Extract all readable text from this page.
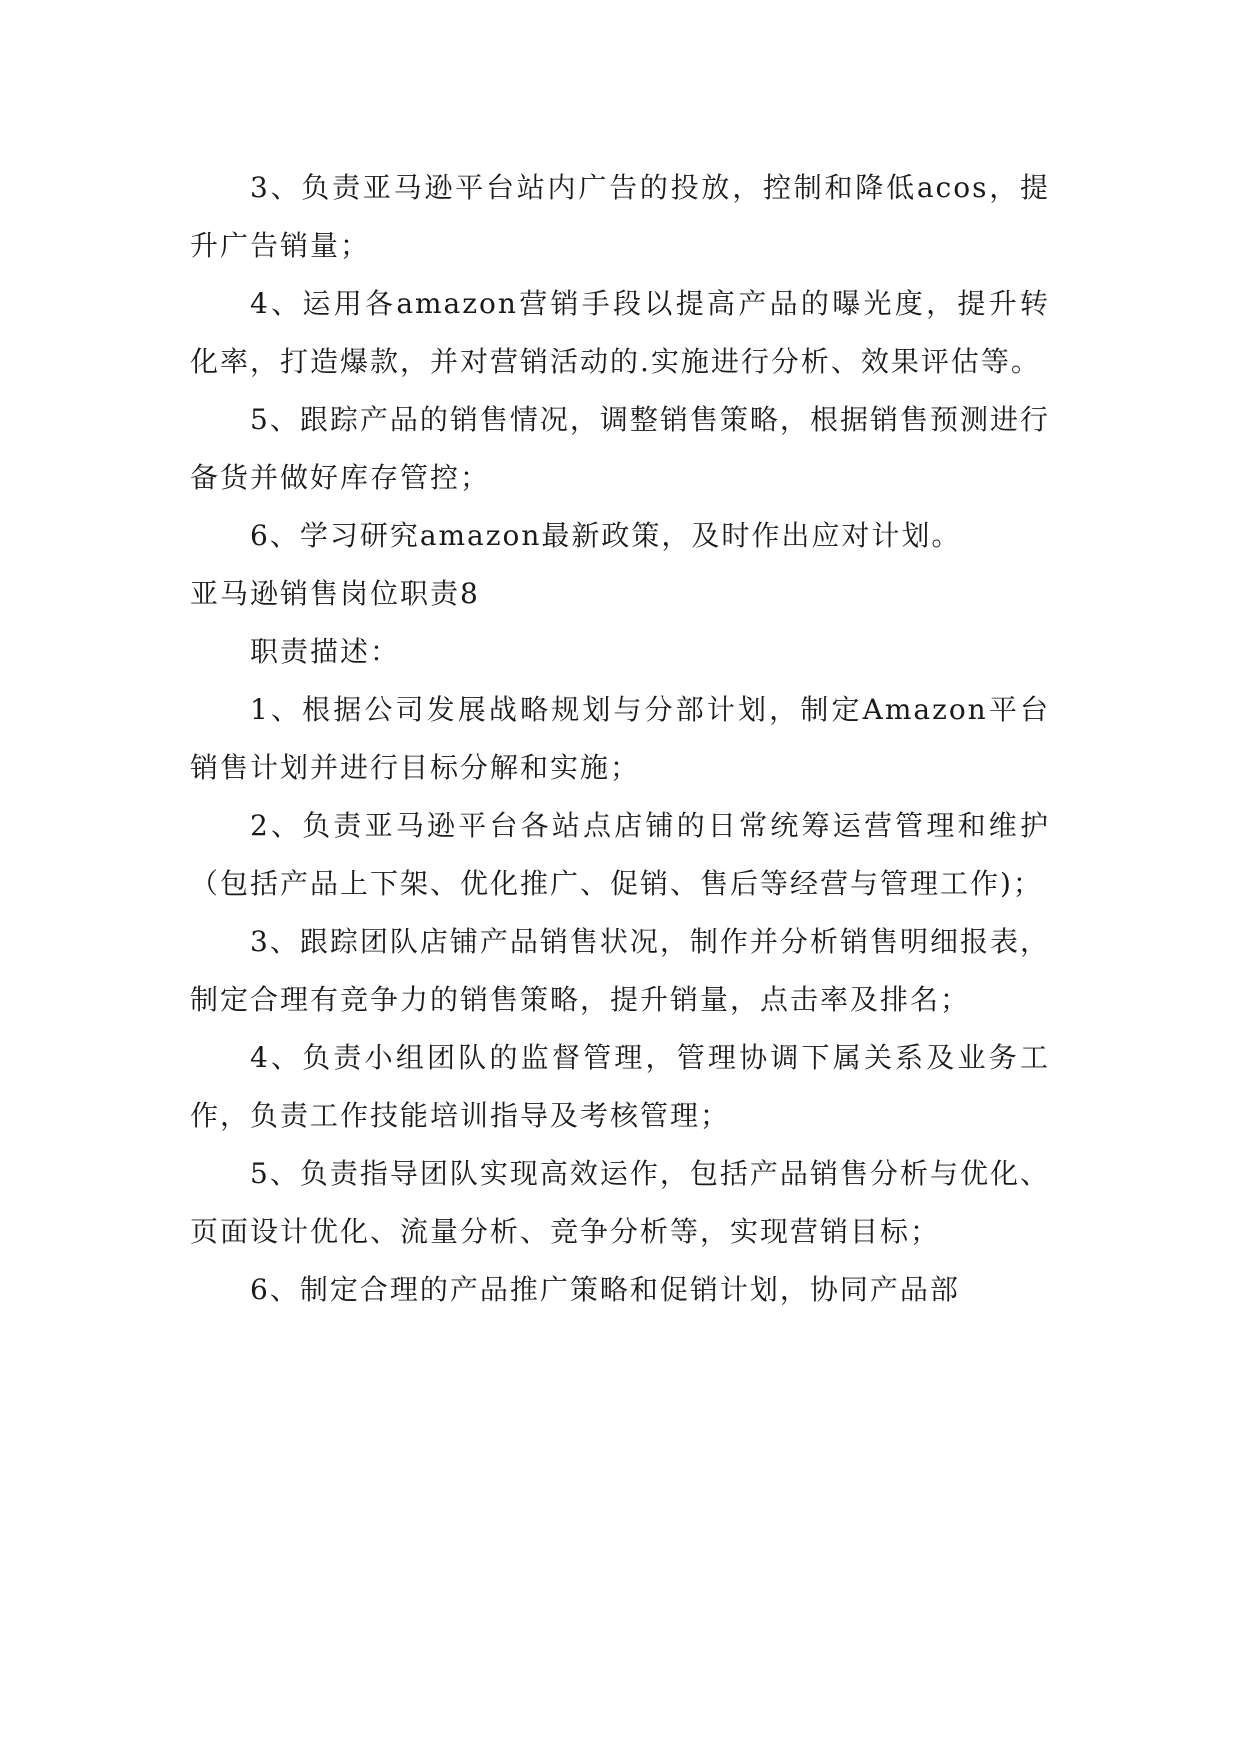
3、负责亚马逊平台站内广告的投放，控制和降低acos，提升广告销量；

4、运用各amazon营销手段以提高产品的曝光度，提升转化率，打造爆款，并对营销活动的.实施进行分析、效果评估等。

5、跟踪产品的销售情况，调整销售策略，根据销售预测进行备货并做好库存管控；

6、学习研究amazon最新政策，及时作出应对计划。

亚马逊销售岗位职责8

职责描述：

1、根据公司发展战略规划与分部计划，制定Amazon平台销售计划并进行目标分解和实施；

2、负责亚马逊平台各站点店铺的日常统筹运营管理和维护（包括产品上下架、优化推广、促销、售后等经营与管理工作)；

3、跟踪团队店铺产品销售状况，制作并分析销售明细报表，制定合理有竞争力的销售策略，提升销量，点击率及排名；

4、负责小组团队的监督管理，管理协调下属关系及业务工作，负责工作技能培训指导及考核管理；

5、负责指导团队实现高效运作，包括产品销售分析与优化、页面设计优化、流量分析、竞争分析等，实现营销目标；

6、制定合理的产品推广策略和促销计划，协同产品部
